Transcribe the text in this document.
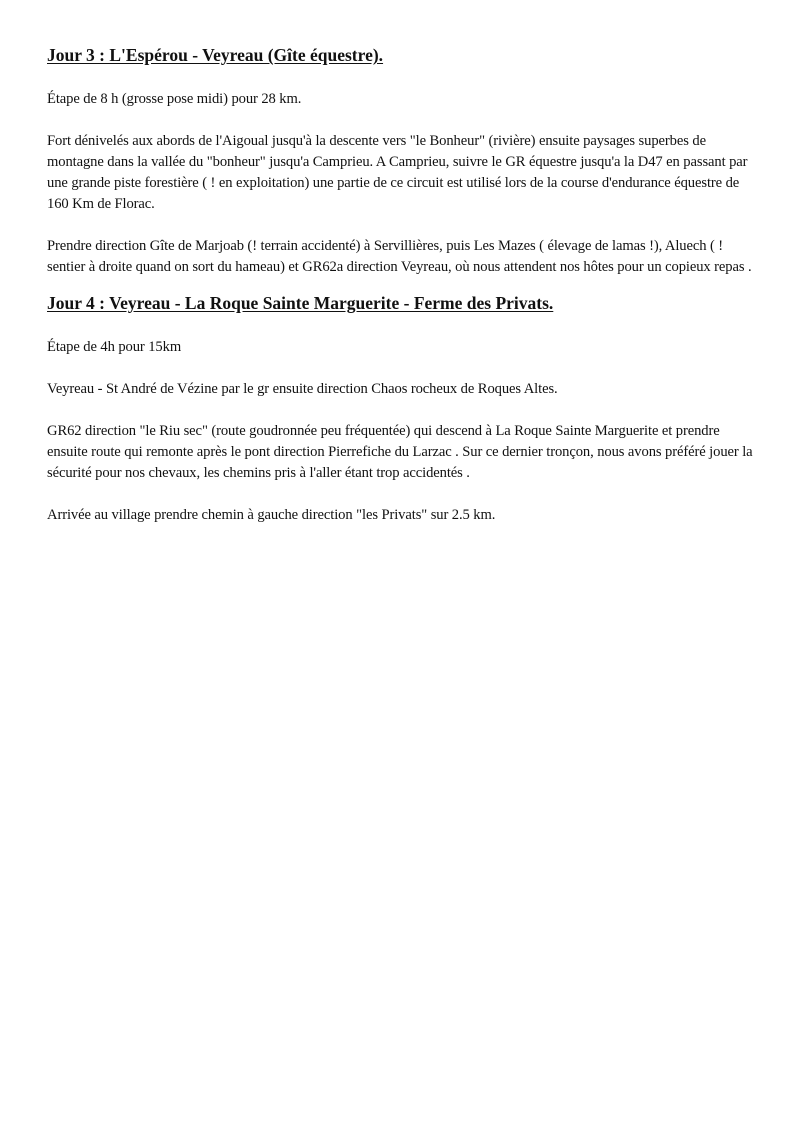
Jour 3 : L'Espérou - Veyreau (Gîte équestre).

Étape de 8 h (grosse pose midi) pour 28 km.

Fort dénivelés aux abords de l'Aigoual jusqu'à la descente vers "le Bonheur" (rivière) ensuite paysages superbes de montagne dans la vallée du "bonheur" jusqu'a Camprieu. A Camprieu, suivre le GR équestre jusqu'a la D47 en passant par une grande piste forestière ( ! en exploitation) une partie de ce circuit est utilisé lors de la course d'endurance équestre de 160 Km de Florac.

Prendre direction Gîte de Marjoab (! terrain accidenté) à Servillières, puis Les Mazes ( élevage de lamas !), Aluech ( ! sentier à droite quand on sort du hameau) et GR62a direction Veyreau, où nous attendent nos hôtes pour un copieux repas .

Jour 4 : Veyreau - La Roque Sainte Marguerite - Ferme des Privats.

Étape de 4h pour 15km

Veyreau - St André de Vézine par le gr ensuite direction Chaos rocheux de Roques Altes.

GR62 direction "le Riu sec" (route goudronnée peu fréquentée) qui descend à La Roque Sainte Marguerite et prendre ensuite route qui remonte après le pont direction Pierrefiche du Larzac . Sur ce dernier tronçon, nous avons préféré jouer la sécurité pour nos chevaux, les chemins pris à l'aller étant trop accidentés .

Arrivée au village prendre chemin à gauche direction "les Privats" sur 2.5 km.
